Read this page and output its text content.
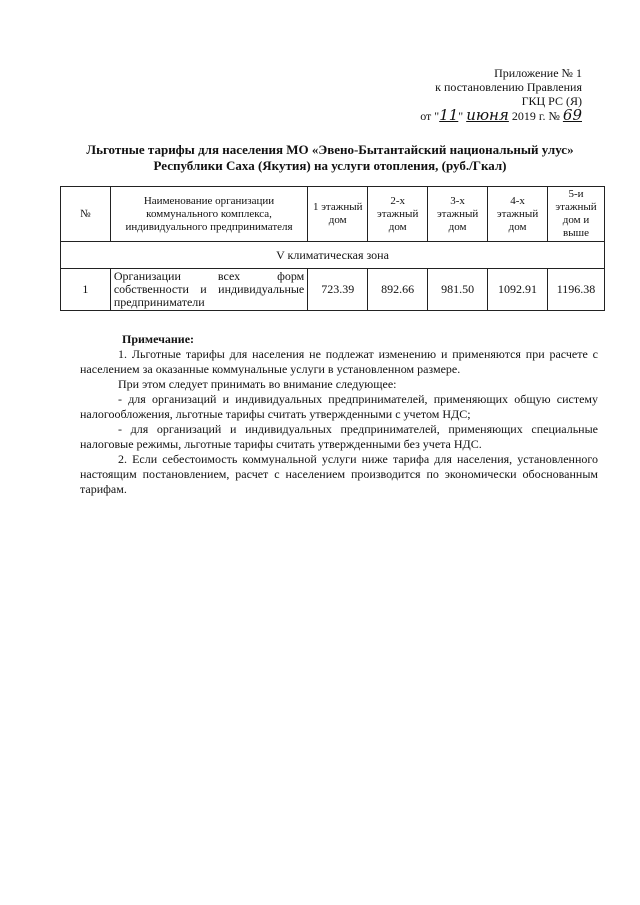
Приложение № 1
к постановлению Правления
ГКЦ РС (Я)
от "11" июня 2019 г. № 69
Льготные тарифы для населения МО «Эвено-Бытантайский национальный улус»
Республики Саха (Якутия) на услуги отопления, (руб./Гкал)
№	Наименование организации коммунального комплекса, индивидуального предпринимателя	1 этажный дом	2-х этажный дом	3-х этажный дом	4-х этажный дом	5-и этажный дом и выше
V климатическая зона						
1	Организации всех форм собственности и индивидуальные предприниматели	723.39	892.66	981.50	1092.91	1196.38
Примечание:

1. Льготные тарифы для населения не подлежат изменению и применяются при расчете с населением за оказанные коммунальные услуги в установленном размере.

При этом следует принимать во внимание следующее:

- для организаций и индивидуальных предпринимателей, применяющих общую систему налогообложения, льготные тарифы считать утвержденными с учетом НДС;

- для организаций и индивидуальных предпринимателей, применяющих специальные налоговые режимы, льготные тарифы считать утвержденными без учета НДС.

2. Если себестоимость коммунальной услуги ниже тарифа для населения, установленного настоящим постановлением, расчет с населением производится по экономически обоснованным тарифам.
